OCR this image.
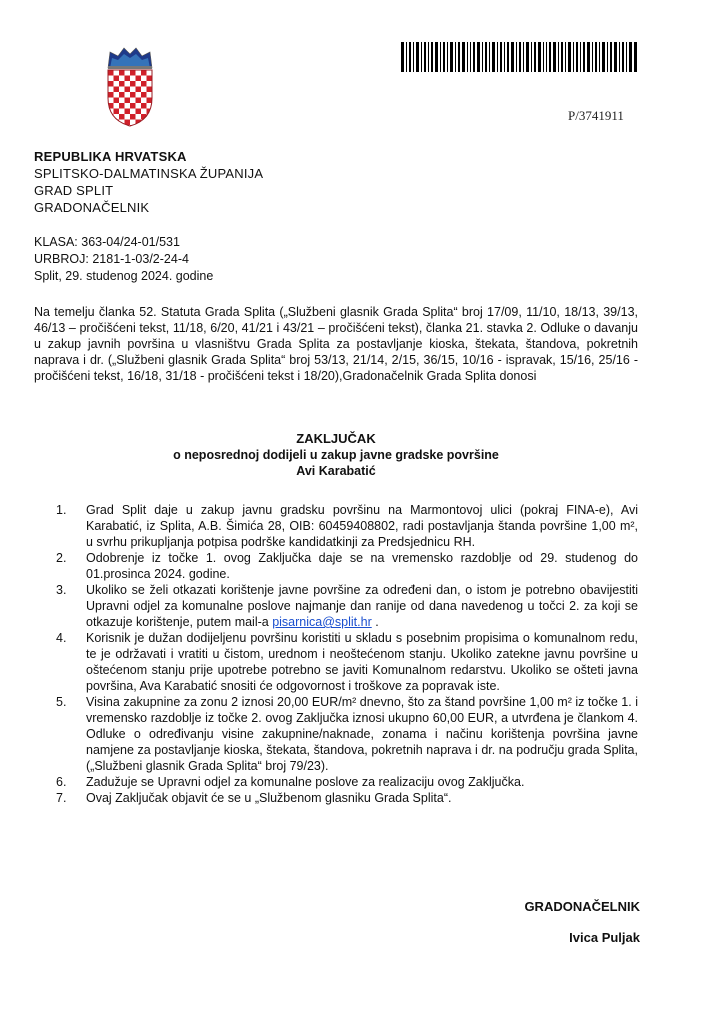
P/3741911
REPUBLIKA HRVATSKA
SPLITSKO-DALMATINSKA ŽUPANIJA
GRAD SPLIT
GRADONAČELNIK
KLASA: 363-04/24-01/531
URBROJ: 2181-1-03/2-24-4
Split, 29. studenog 2024. godine
Na temelju članka 52. Statuta Grada Splita („Službeni glasnik Grada Splita“ broj 17/09, 11/10, 18/13, 39/13, 46/13 – pročišćeni tekst, 11/18, 6/20, 41/21 i 43/21 – pročišćeni tekst), članka 21. stavka 2. Odluke o davanju u zakup javnih površina u vlasništvu Grada Splita za postavljanje kioska, štekata, štandova, pokretnih naprava i dr. („Službeni glasnik Grada Splita“ broj 53/13, 21/14, 2/15, 36/15, 10/16 - ispravak, 15/16, 25/16 - pročišćeni tekst, 16/18, 31/18 - pročišćeni tekst i 18/20),Gradonačelnik Grada Splita donosi
ZAKLJUČAK
o neposrednoj dodijeli u zakup javne gradske površine
Avi Karabatić
1. Grad Split daje u zakup javnu gradsku površinu na Marmontovoj ulici (pokraj FINA-e), Avi Karabatić, iz Splita, A.B. Šimića 28, OIB: 60459408802, radi postavljanja štanda površine 1,00 m², u svrhu prikupljanja potpisa podrške kandidatkinji za Predsjednicu RH.
2. Odobrenje iz točke 1. ovog Zaključka daje se na vremensko razdoblje od 29. studenog do 01.prosinca 2024. godine.
3. Ukoliko se želi otkazati korištenje javne površine za određeni dan, o istom je potrebno obavijestiti Upravni odjel za komunalne poslove najmanje dan ranije od dana navedenog u točci 2. za koji se otkazuje korištenje, putem mail-a pisarnica@split.hr .
4. Korisnik je dužan dodijeljenu površinu koristiti u skladu s posebnim propisima o komunalnom redu, te je održavati i vratiti u čistom, urednom i neoštećenom stanju. Ukoliko zatekne javnu površine u oštećenom stanju prije upotrebe potrebno se javiti Komunalnom redarstvu. Ukoliko se ošteti javna površina, Ava Karabatić snositi će odgovornost i troškove za popravak iste.
5. Visina zakupnine za zonu 2 iznosi 20,00 EUR/m² dnevno, što za štand površine 1,00 m² iz točke 1. i vremensko razdoblje iz točke 2. ovog Zaključka iznosi ukupno 60,00 EUR, a utvrđena je člankom 4. Odluke o određivanju visine zakupnine/naknade, zonama i načinu korištenja površina javne namjene za postavljanje kioska, štekata, štandova, pokretnih naprava i dr. na području grada Splita, („Službeni glasnik Grada Splita“ broj 79/23).
6. Zadužuje se Upravni odjel za komunalne poslove za realizaciju ovog Zaključka.
7. Ovaj Zaključak objavit će se u „Službenom glasniku Grada Splita“.
GRADONAČELNIK
Ivica Puljak
